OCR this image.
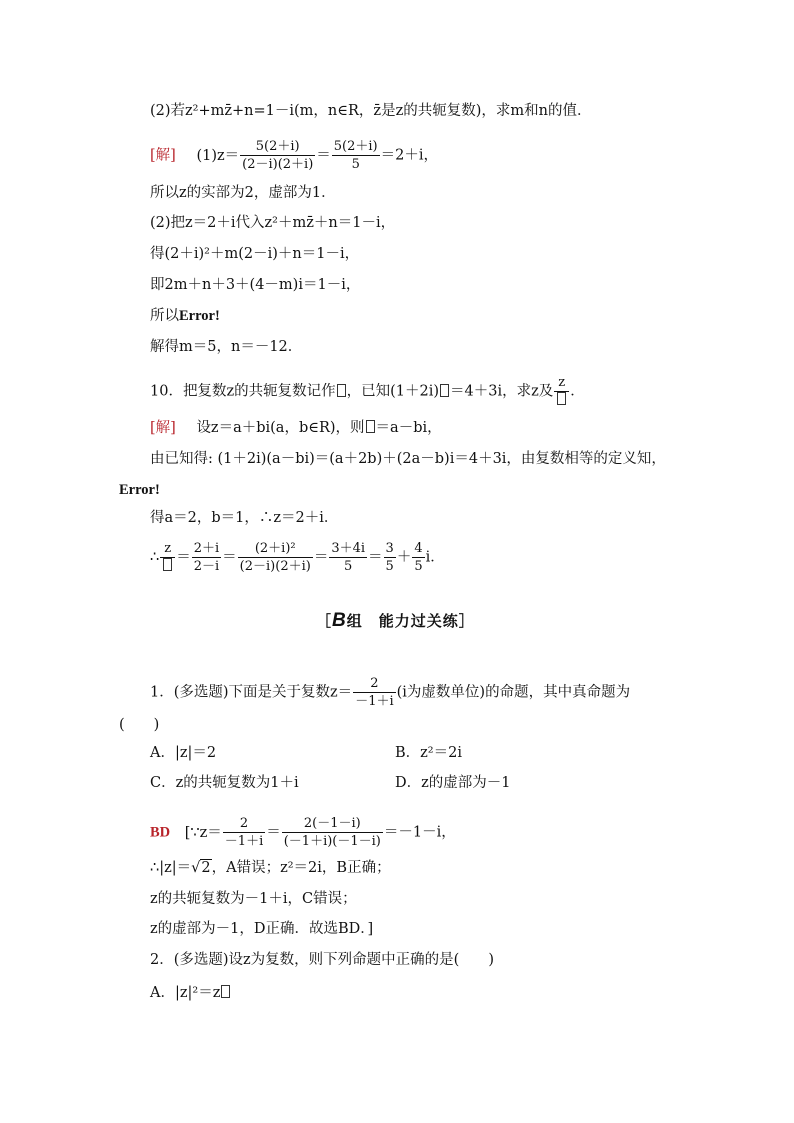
(2)若z²+mz̄+n=1－i(m，n∈R，z̄是z的共轭复数)，求m和n的值．
[解] $(1)z= \frac{5(2+i)}{(2-i)(2+i)} = \frac{5(2+i)}{5} =2+i$，
所以z的实部为2，虚部为1．
(2)把z＝2＋i代入z²＋mz̄＋n＝1－i，
得(2＋i)²＋m(2－i)＋n＝1－i，
即2m＋n＋3＋(4－m)i＝1－i，
所以Error!
解得m＝5，n＝－12．
10．把复数z的共轭复数记作 ，已知(1＋2i) ＝4＋3i，求z及
z
．
[解] 设z＝a＋bi(a，b∈R)，则 ＝a－bi，
由已知得: (1＋2i)(a－bi)＝(a＋2b)＋(2a－b)i＝4＋3i，由复数相等的定义知，
Error!
得a＝2，b＝1，∴z＝2＋i．
∴
z
＝ $\frac{2+i}{2-i} = \frac{\text{(2＋i)²}}{(2-i)(2+i)} = \frac{3+4i}{5} = \frac{3}{5} + \frac{4}{5}$ i．
［B组　能力过关练］
1．(多选题)下面是关于复数$z= \frac{2}{-1+i} (i$为虚数单位)的命题，其中真命题为
(　　)
A．|z|＝2	B．z²＝2i
C．z的共轭复数为1＋i	D．z的虚部为－1
BD [∵z＝ $\frac{2}{-1+i} = \frac{2(-1-i)}{(-1+i)(-1-i)} =-1-i$，
∴|z|＝√2，A错误；z²＝2i，B正确；
z的共轭复数为－1＋i，C错误；
z的虚部为－1，D正确．故选BD．]
2．(多选题)设z为复数，则下列命题中正确的是(　　)
A．|z|²＝z
